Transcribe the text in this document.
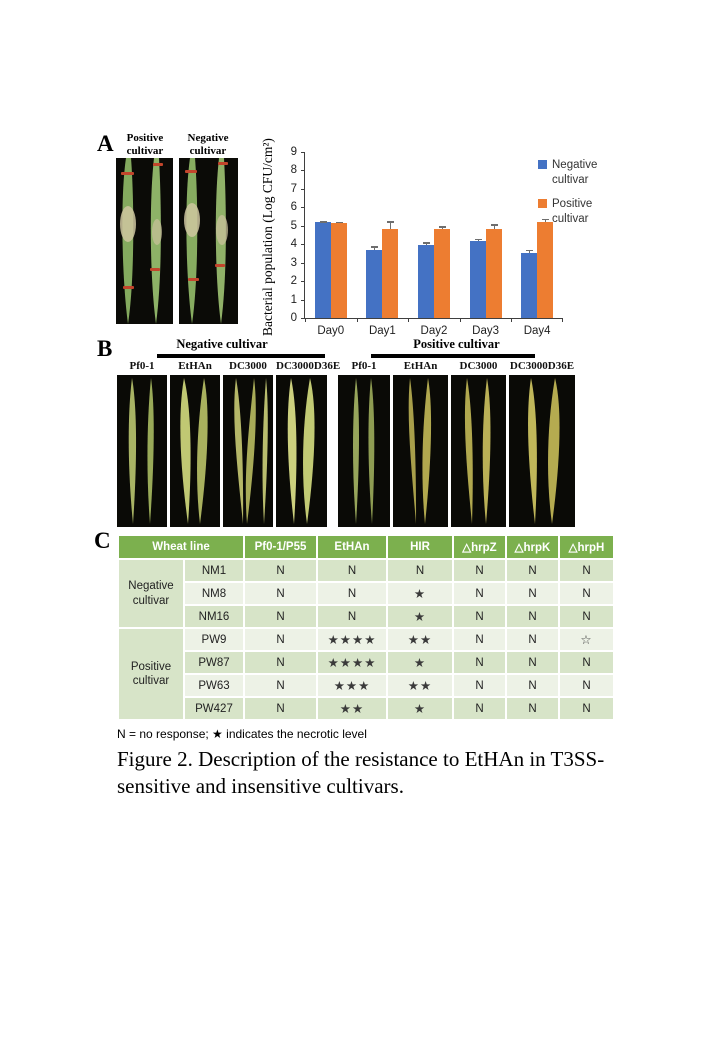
A	Positive cultivar
Negative cultivar	Bacterial population (Log CFU/cm²) 0
1
2
3
4
5
6
7
8
9
Day0	Day1	Day2	Day3	Day4
Negative cultivar
Positive cultivar
B	Negative cultivar
Pf0-1	EtHAn	DC3000 DC3000D36E
Positive cultivar
Pf0-1	EtHAn	DC3000	DC3000D36E
C	Wheat line		Pf0-1/P55	EtHAn	HIR	△hrpZ	△hrpK	△hrpH
Negative cultivar	NM1	N	N	N	N	N	N
	NM8	N	N	★	N	N	N
	NM16	N	N	★	N	N	N
Positive cultivar	PW9	N	★★★★	★★	N	N	☆
	PW87	N	★★★★	★	N	N	N
	PW63	N	★★★	★★	N	N	N
	PW427	N	★★	★	N	N	N
N = no response; ★ indicates the necrotic level
Figure 2. Description of the resistance to EtHAn in T3SS-
sensitive and insensitive cultivars.
